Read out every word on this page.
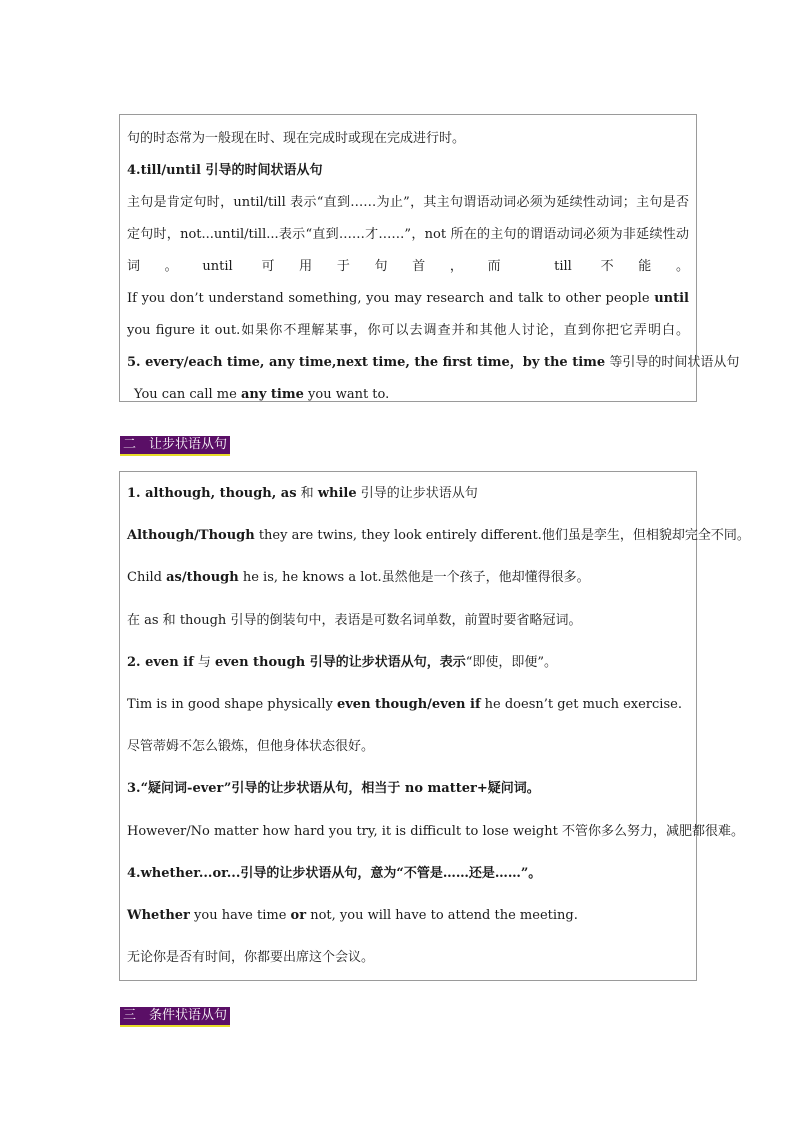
句的时态常为一般现在时、现在完成时或现在完成进行时。

4.till/until 引导的时间状语从句

主句是肯定句时，until/till 表示“直到……为止”，其主句谓语动词必须为延续性动词；主句是否定句时，not...until/till...表示“直到……才……”，not 所在的主句的谓语动词必须为非延续性动词。until 可用于句首，而 till 不能。

If you don’t understand something, you may research and talk to other people until you figure it out.如果你不理解某事，你可以去调查并和其他人讨论，直到你把它弄明白。

5. every/each time, any time,next time, the first time，by the time 等引导的时间状语从句

You can call me any time you want to.

二　让步状语从句

1. although, though, as 和 while 引导的让步状语从句

Although/Though they are twins, they look entirely different.他们虽是孪生，但相貌却完全不同。

Child as/though he is, he knows a lot.虽然他是一个孩子，他却懂得很多。

在 as 和 though 引导的倒装句中，表语是可数名词单数，前置时要省略冠词。

2. even if 与 even though 引导的让步状语从句，表示“即使，即便”。

Tim is in good shape physically even though/even if he doesn’t get much exercise.

尽管蒂姆不怎么锻炼，但他身体状态很好。

3.“疑问词-ever”引导的让步状语从句，相当于 no matter+疑问词。

However/No matter how hard you try, it is difficult to lose weight 不管你多么努力，减肥都很难。

4.whether...or...引导的让步状语从句，意为“不管是……还是……”。

Whether you have time or not, you will have to attend the meeting.

无论你是否有时间，你都要出席这个会议。

三　条件状语从句
